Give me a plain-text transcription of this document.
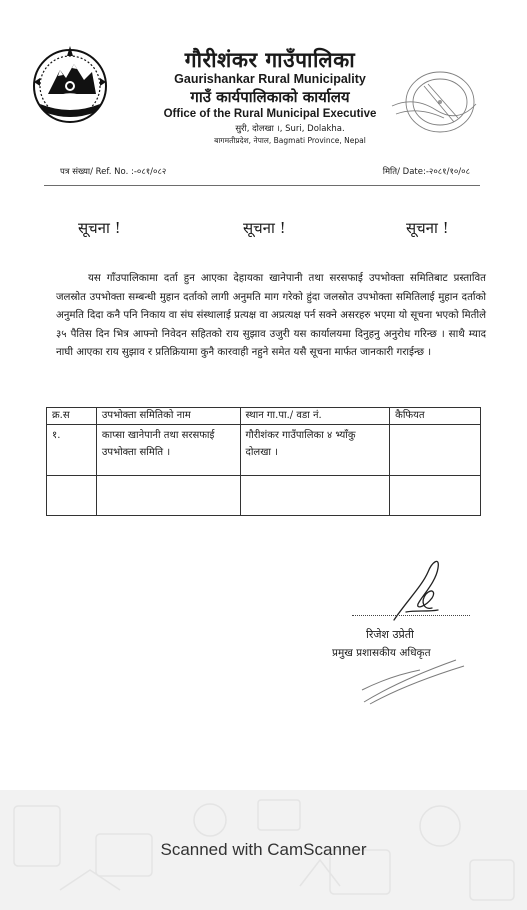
गौरीशंकर गाउँपालिका
Gaurishankar Rural Municipality
गाउँ कार्यपालिकाको कार्यालय
Office of the Rural Municipal Executive
सुरी, दोलखा ।, Suri, Dolakha.
बागमतीप्रदेश, नेपाल, Bagmati Province, Nepal
पत्र संख्या/ Ref. No. :-०८१/०८२	मिति/ Date:-२०८१/१०/०८
सूचना !	सूचना !	सूचना !
यस गाँउपालिकामा दर्ता हुन आएका देहायका खानेपानी तथा सरसफाई उपभोक्ता समितिबाट प्रस्तावित जलस्रोत उपभोक्ता सम्बन्धी मुहान दर्ताको लागी अनुमति माग गरेको हुंदा जलस्रोत उपभोक्ता समितिलाई मुहान दर्ताको अनुमति दिदा कनै पनि निकाय वा संघ संस्थालाई प्रत्यक्ष वा अप्रत्यक्ष पर्न सक्ने असरहरु भएमा यो सूचना भएको मितीले ३५ पैतिस दिन भित्र आफ्नो निवेदन सहितको राय सुझाव उजुरी यस कार्यालयमा दिनुहनु अनुरोध गरिन्छ । साथै म्याद नाघी आएका राय सुझाव र प्रतिक्रियामा कुनै कारवाही नहुने समेत यसै सूचना मार्फत जानकारी गराईन्छ ।
क्र.स	उपभोक्ता समितिको नाम	स्थान गा.पा./ वडा नं.	कैफियत
१.	काप्सा खानेपानी तथा सरसफाई उपभोक्ता समिति ।	गौरीशंकर गाउँपालिका ४ भ्याँकु दोलखा ।	

रिजेश उप्रेती
प्रमुख प्रशासकीय अधिकृत
Scanned with CamScanner
